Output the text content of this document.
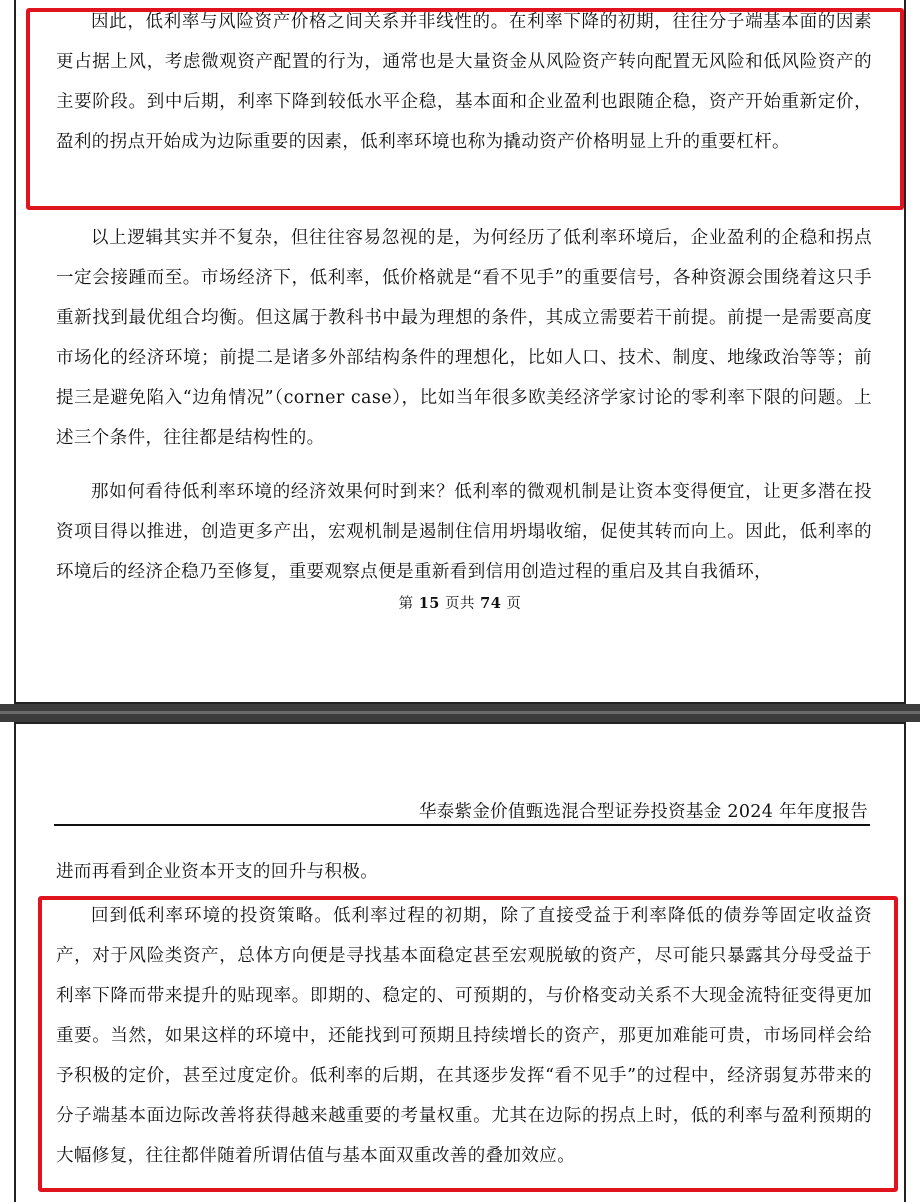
因此，低利率与风险资产价格之间关系并非线性的。在利率下降的初期，往往分子端基本面的因素更占据上风，考虑微观资产配置的行为，通常也是大量资金从风险资产转向配置无风险和低风险资产的主要阶段。到中后期，利率下降到较低水平企稳，基本面和企业盈利也跟随企稳，资产开始重新定价，盈利的拐点开始成为边际重要的因素，低利率环境也称为撬动资产价格明显上升的重要杠杆。

以上逻辑其实并不复杂，但往往容易忽视的是，为何经历了低利率环境后，企业盈利的企稳和拐点一定会接踵而至。市场经济下，低利率，低价格就是“看不见手”的重要信号，各种资源会围绕着这只手重新找到最优组合均衡。但这属于教科书中最为理想的条件，其成立需要若干前提。前提一是需要高度市场化的经济环境；前提二是诸多外部结构条件的理想化，比如人口、技术、制度、地缘政治等等；前提三是避免陷入“边角情况”（corner case），比如当年很多欧美经济学家讨论的零利率下限的问题。上述三个条件，往往都是结构性的。

那如何看待低利率环境的经济效果何时到来？低利率的微观机制是让资本变得便宜，让更多潜在投资项目得以推进，创造更多产出，宏观机制是遏制住信用坍塌收缩，促使其转而向上。因此，低利率的环境后的经济企稳乃至修复，重要观察点便是重新看到信用创造过程的重启及其自我循环，

第 15 页共 74 页
华泰紫金价值甄选混合型证券投资基金 2024 年年度报告

进而再看到企业资本开支的回升与积极。

回到低利率环境的投资策略。低利率过程的初期，除了直接受益于利率降低的债券等固定收益资产，对于风险类资产，总体方向便是寻找基本面稳定甚至宏观脱敏的资产，尽可能只暴露其分母受益于利率下降而带来提升的贴现率。即期的、稳定的、可预期的，与价格变动关系不大现金流特征变得更加重要。当然，如果这样的环境中，还能找到可预期且持续增长的资产，那更加难能可贵，市场同样会给予积极的定价，甚至过度定价。低利率的后期，在其逐步发挥“看不见手”的过程中，经济弱复苏带来的分子端基本面边际改善将获得越来越重要的考量权重。尤其在边际的拐点上时，低的利率与盈利预期的大幅修复，往往都伴随着所谓估值与基本面双重改善的叠加效应。
